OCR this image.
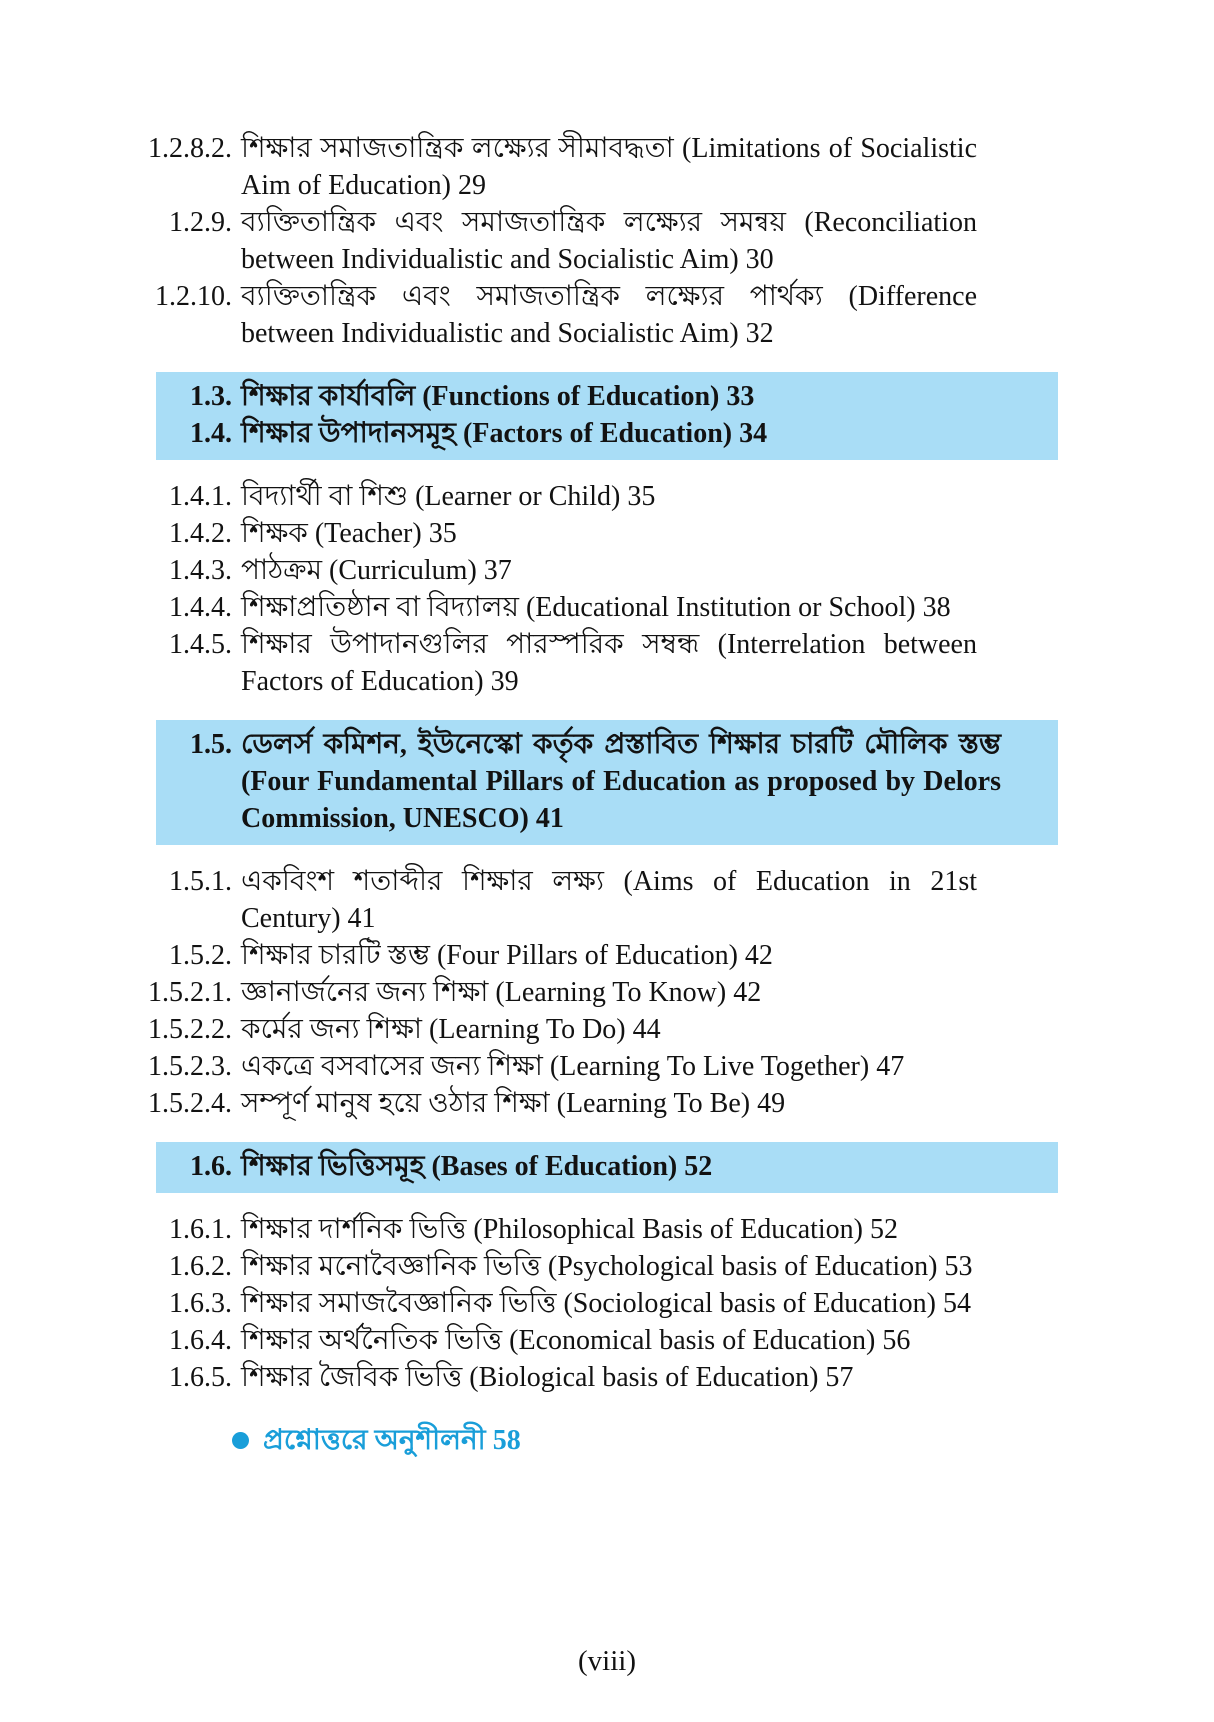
1.2.8.2. শিক্ষার সমাজতান্ত্রিক লক্ষ্যের সীমাবদ্ধতা (Limitations of Socialistic Aim of Education) 29
1.2.9. ব্যক্তিতান্ত্রিক এবং সমাজতান্ত্রিক লক্ষ্যের সমন্বয় (Reconciliation between Individualistic and Socialistic Aim) 30
1.2.10. ব্যক্তিতান্ত্রিক এবং সমাজতান্ত্রিক লক্ষ্যের পার্থক্য (Difference between Individualistic and Socialistic Aim) 32
1.3. শিক্ষার কার্যাবলি (Functions of Education) 33
1.4. শিক্ষার উপাদানসমূহ (Factors of Education) 34
1.4.1. বিদ্যার্থী বা শিশু (Learner or Child) 35
1.4.2. শিক্ষক (Teacher) 35
1.4.3. পাঠক্রম (Curriculum) 37
1.4.4. শিক্ষাপ্রতিষ্ঠান বা বিদ্যালয় (Educational Institution or School) 38
1.4.5. শিক্ষার উপাদানগুলির পারস্পরিক সম্বন্ধ (Interrelation between Factors of Education) 39
1.5. ডেলর্স কমিশন, ইউনেস্কো কর্তৃক প্রস্তাবিত শিক্ষার চারটি মৌলিক স্তম্ভ (Four Fundamental Pillars of Education as proposed by Delors Commission, UNESCO) 41
1.5.1. একবিংশ শতাব্দীর শিক্ষার লক্ষ্য (Aims of Education in 21st Century) 41
1.5.2. শিক্ষার চারটি স্তম্ভ (Four Pillars of Education) 42
1.5.2.1. জ্ঞানার্জনের জন্য শিক্ষা (Learning To Know) 42
1.5.2.2. কর্মের জন্য শিক্ষা (Learning To Do) 44
1.5.2.3. একত্রে বসবাসের জন্য শিক্ষা (Learning To Live Together) 47
1.5.2.4. সম্পূর্ণ মানুষ হয়ে ওঠার শিক্ষা (Learning To Be) 49
1.6. শিক্ষার ভিত্তিসমূহ (Bases of Education) 52
1.6.1. শিক্ষার দার্শনিক ভিত্তি (Philosophical Basis of Education) 52
1.6.2. শিক্ষার মনোবৈজ্ঞানিক ভিত্তি (Psychological basis of Education) 53
1.6.3. শিক্ষার সমাজবৈজ্ঞানিক ভিত্তি (Sociological basis of Education) 54
1.6.4. শিক্ষার অর্থনৈতিক ভিত্তি (Economical basis of Education) 56
1.6.5. শিক্ষার জৈবিক ভিত্তি (Biological basis of Education) 57
প্রশ্নোত্তরে অনুশীলনী 58
(viii)
